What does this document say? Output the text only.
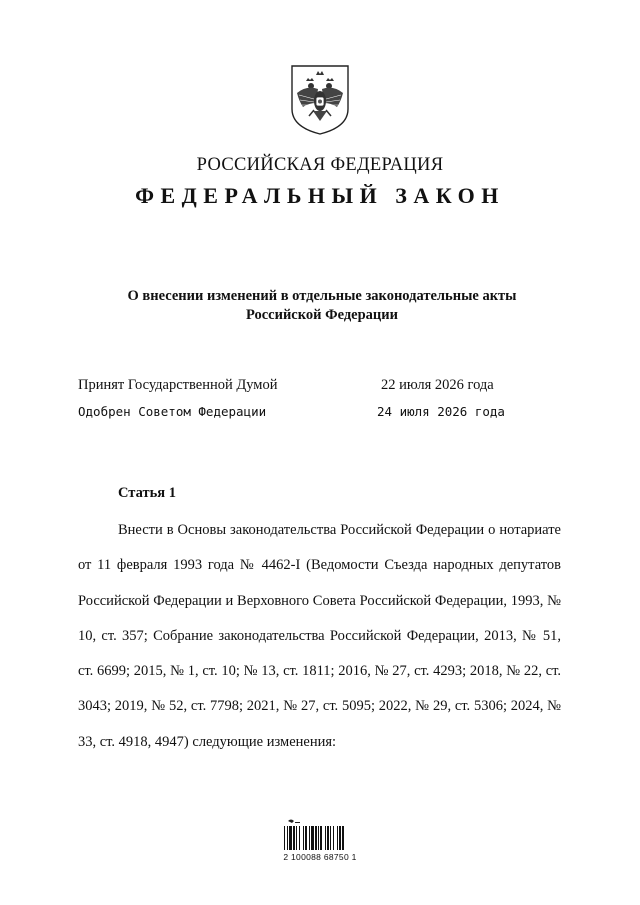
РОССИЙСКАЯ ФЕДЕРАЦИЯ
ФЕДЕРАЛЬНЫЙ ЗАКОН
О внесении изменений в отдельные законодательные акты
Российской Федерации
Принят Государственной Думой	22 июля 2026 года
Одобрен Советом Федерации	24 июля 2026 года
Статья 1

Внести в Основы законодательства Российской Федерации о нотариате от 11 февраля 1993 года № 4462-I (Ведомости Съезда народных депутатов Российской Федерации и Верховного Совета Российской Федерации, 1993, № 10, ст. 357; Собрание законодательства Российской Федерации, 2013, № 51, ст. 6699; 2015, № 1, ст. 10; № 13, ст. 1811; 2016, № 27, ст. 4293; 2018, № 22, ст. 3043; 2019, № 52, ст. 7798; 2021, № 27, ст. 5095; 2022, № 29, ст. 5306; 2024, № 33, ст. 4918, 4947) следующие изменения:

2 100088 68750 1
